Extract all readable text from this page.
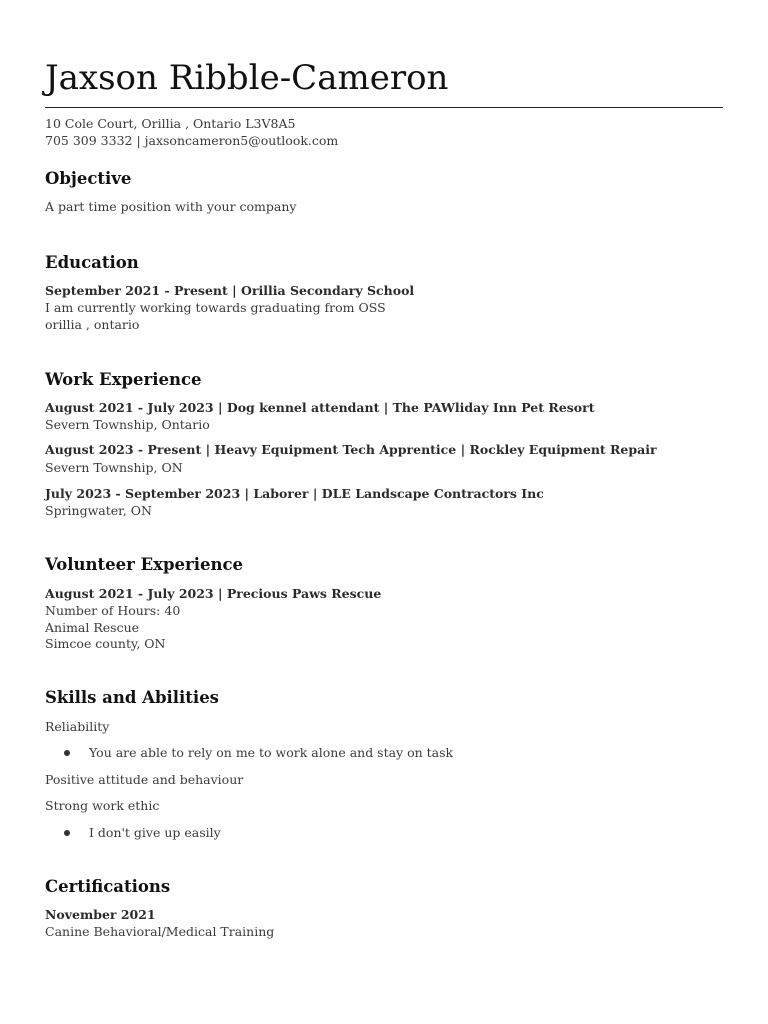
Jaxson Ribble-Cameron
10 Cole Court, Orillia , Ontario L3V8A5
705 309 3332 | jaxsoncameron5@outlook.com
Objective
A part time position with your company
Education
September 2021 - Present | Orillia Secondary School
I am currently working towards graduating from OSS
orillia , ontario
Work Experience
August 2021 - July 2023 | Dog kennel attendant | The PAWliday Inn Pet Resort
Severn Township, Ontario
August 2023 - Present | Heavy Equipment Tech Apprentice | Rockley Equipment Repair
Severn Township, ON
July 2023 - September 2023 | Laborer | DLE Landscape Contractors Inc
Springwater, ON
Volunteer Experience
August 2021 - July 2023 | Precious Paws Rescue
Number of Hours: 40
Animal Rescue
Simcoe county, ON
Skills and Abilities
Reliability
You are able to rely on me to work alone and stay on task
Positive attitude and behaviour
Strong work ethic
I don't give up easily
Certifications
November 2021
Canine Behavioral/Medical Training
